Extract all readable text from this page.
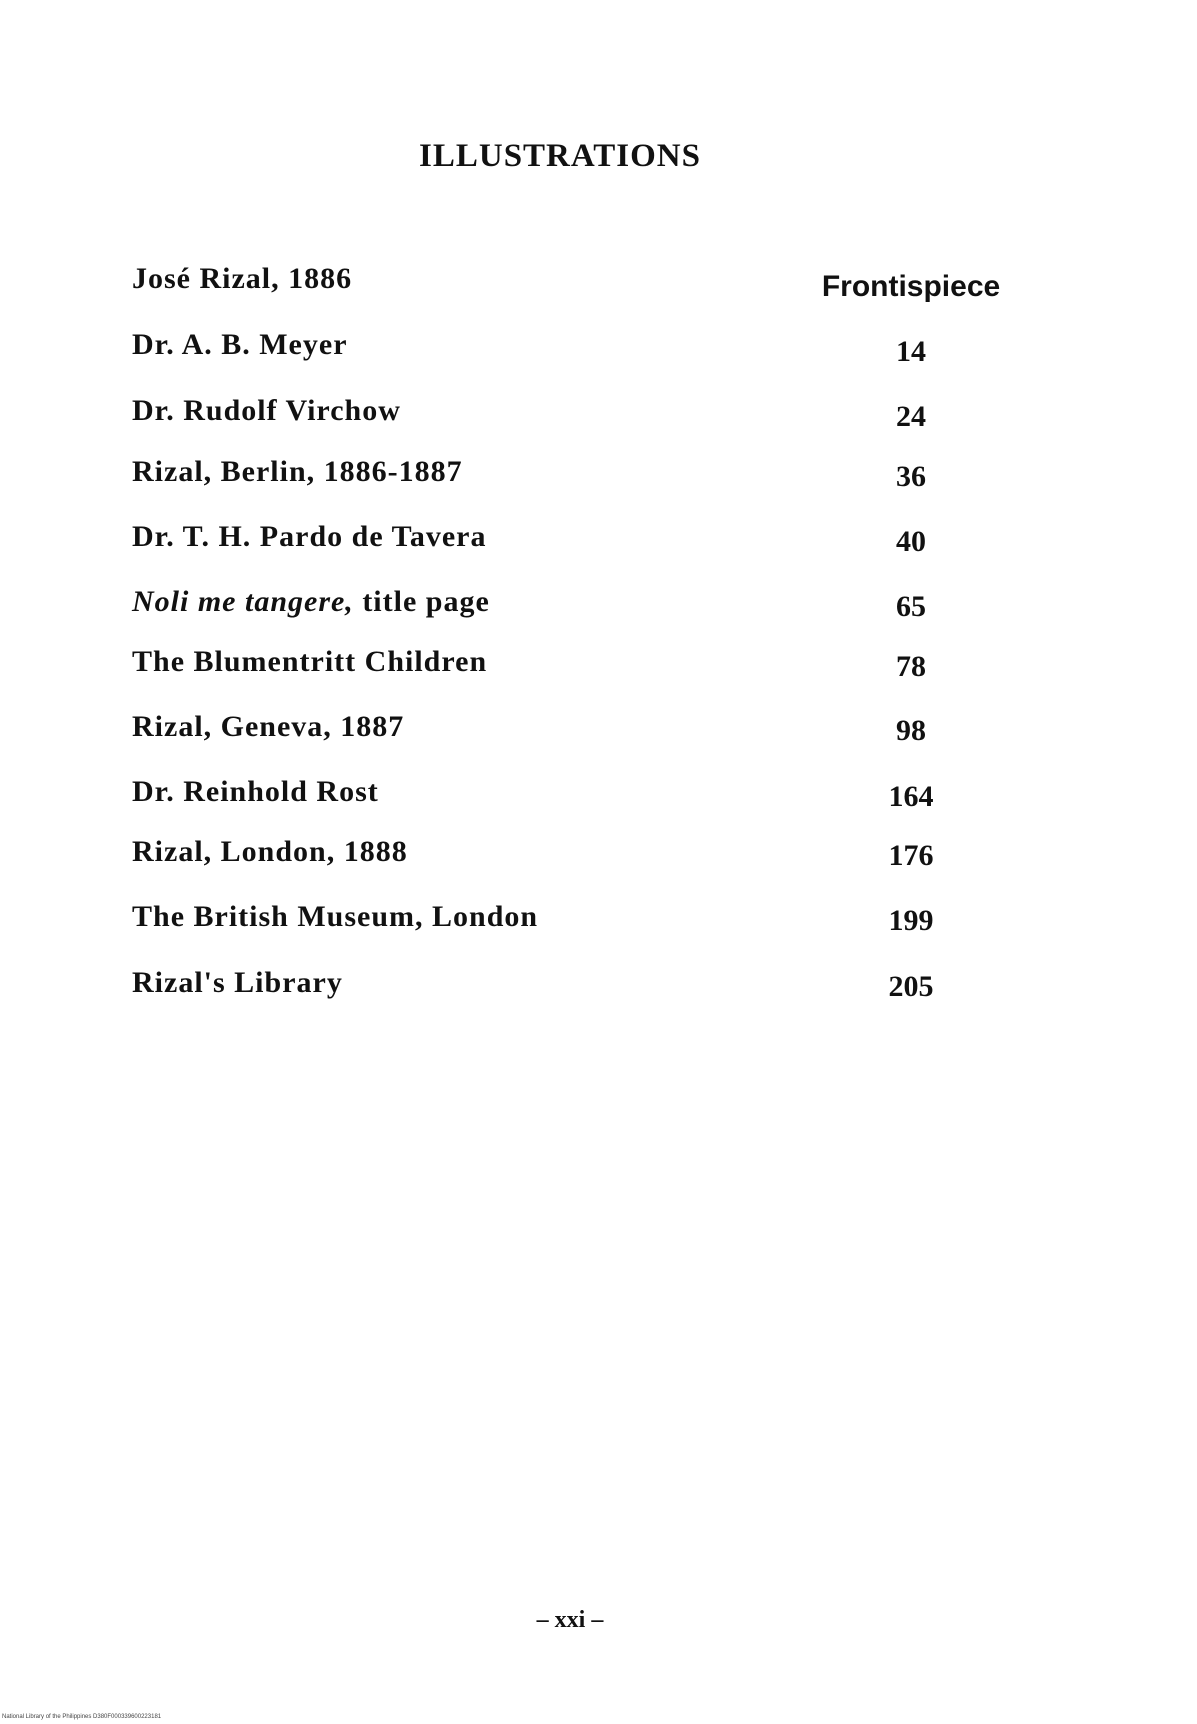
ILLUSTRATIONS
José Rizal, 1886	Frontispiece
Dr. A. B. Meyer	14
Dr. Rudolf Virchow	24
Rizal, Berlin, 1886-1887	36
Dr. T. H. Pardo de Tavera	40
Noli me tangere, title page	65
The Blumentritt Children	78
Rizal, Geneva, 1887	98
Dr. Reinhold Rost	164
Rizal, London, 1888	176
The British Museum, London	199
Rizal's Library	205
– xxi –
National Library of the Philippines D380F000339600223181
